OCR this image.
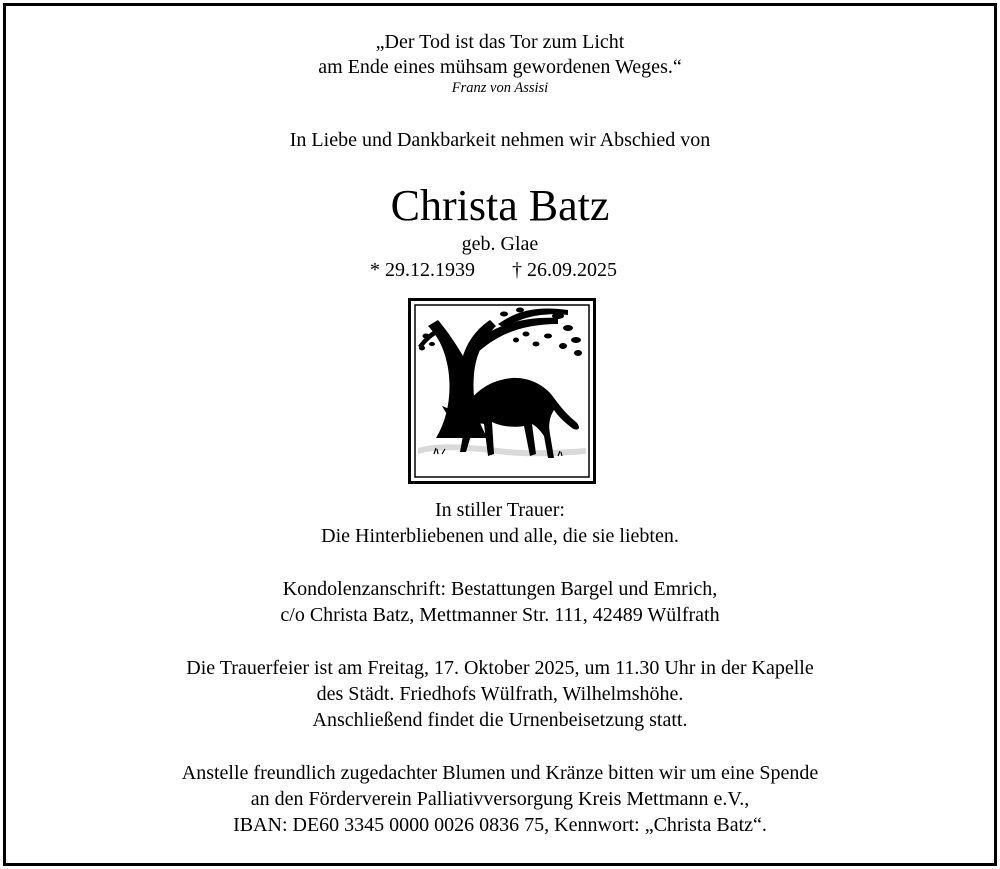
„Der Tod ist das Tor zum Licht
am Ende eines mühsam gewordenen Weges.“
Franz von Assisi
In Liebe und Dankbarkeit nehmen wir Abschied von
Christa Batz
geb. Glae
* 29.12.1939 † 26.09.2025
In stiller Trauer:
Die Hinterbliebenen und alle, die sie liebten.
Kondolenzanschrift: Bestattungen Bargel und Emrich,
c/o Christa Batz, Mettmanner Str. 111, 42489 Wülfrath
Die Trauerfeier ist am Freitag, 17. Oktober 2025, um 11.30 Uhr in der Kapelle
des Städt. Friedhofs Wülfrath, Wilhelmshöhe.
Anschließend findet die Urnenbeisetzung statt.
Anstelle freundlich zugedachter Blumen und Kränze bitten wir um eine Spende
an den Förderverein Palliativversorgung Kreis Mettmann e.V.,
IBAN: DE60 3345 0000 0026 0836 75, Kennwort: „Christa Batz“.
